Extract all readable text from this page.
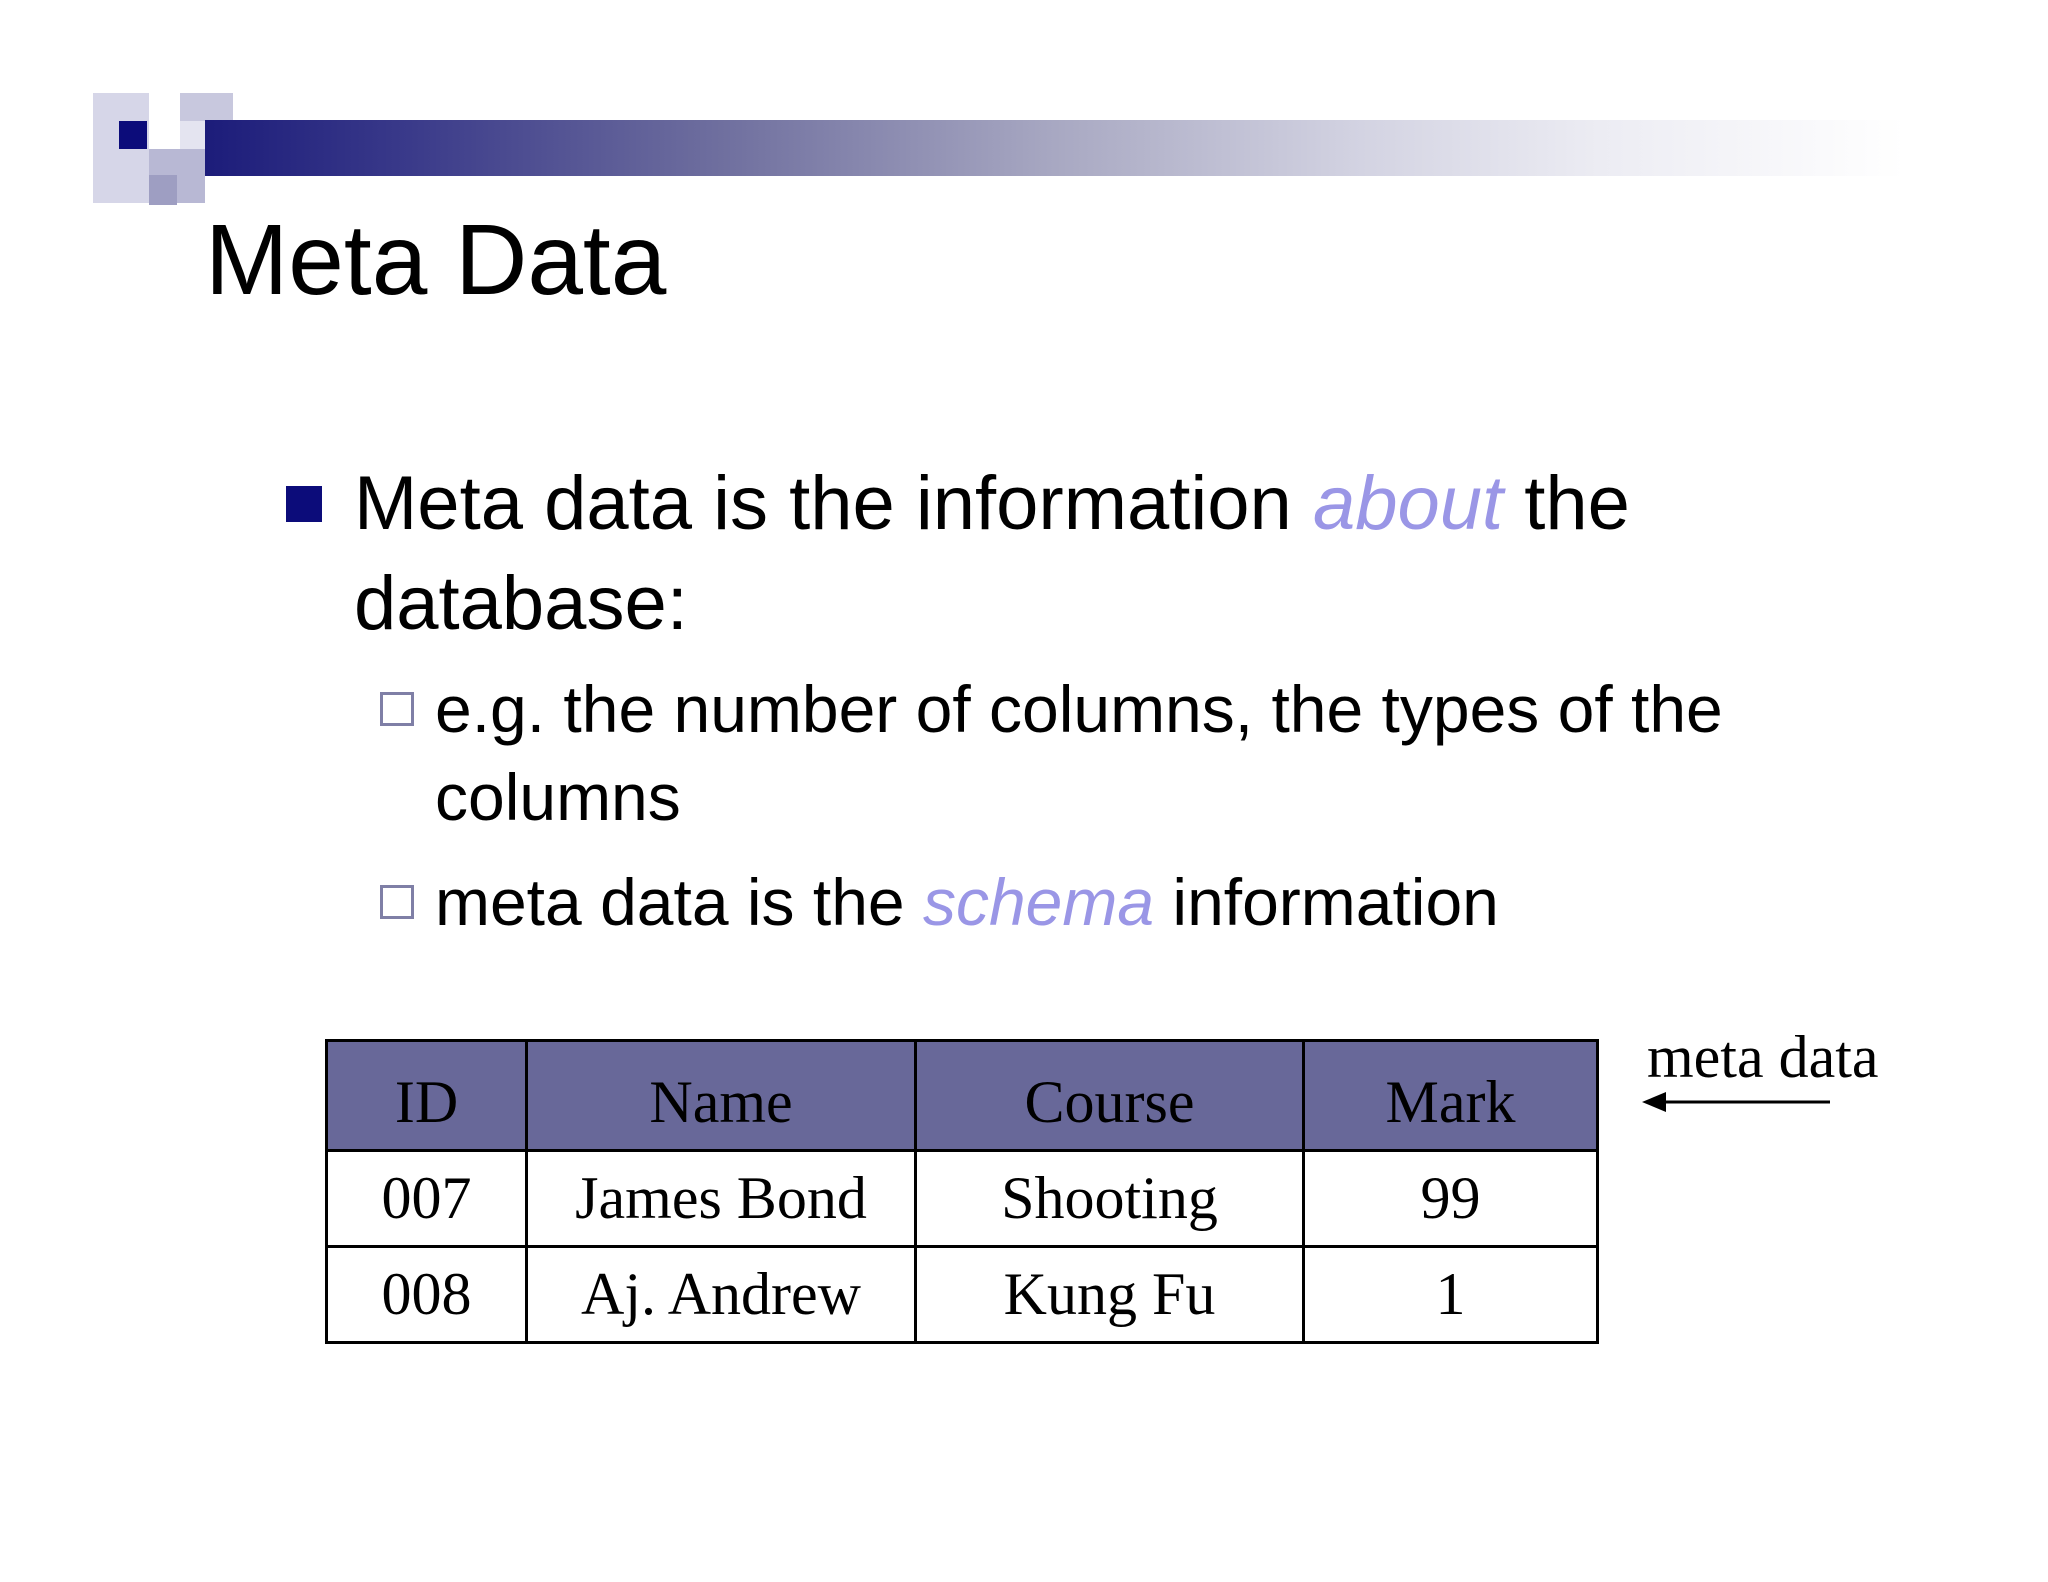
Meta Data
Meta data is the information about the database:
e.g. the number of columns, the types of the columns
meta data is the schema information
ID	Name	Course	Mark
007	James Bond	Shooting	99
008	Aj. Andrew	Kung Fu	1
meta data
